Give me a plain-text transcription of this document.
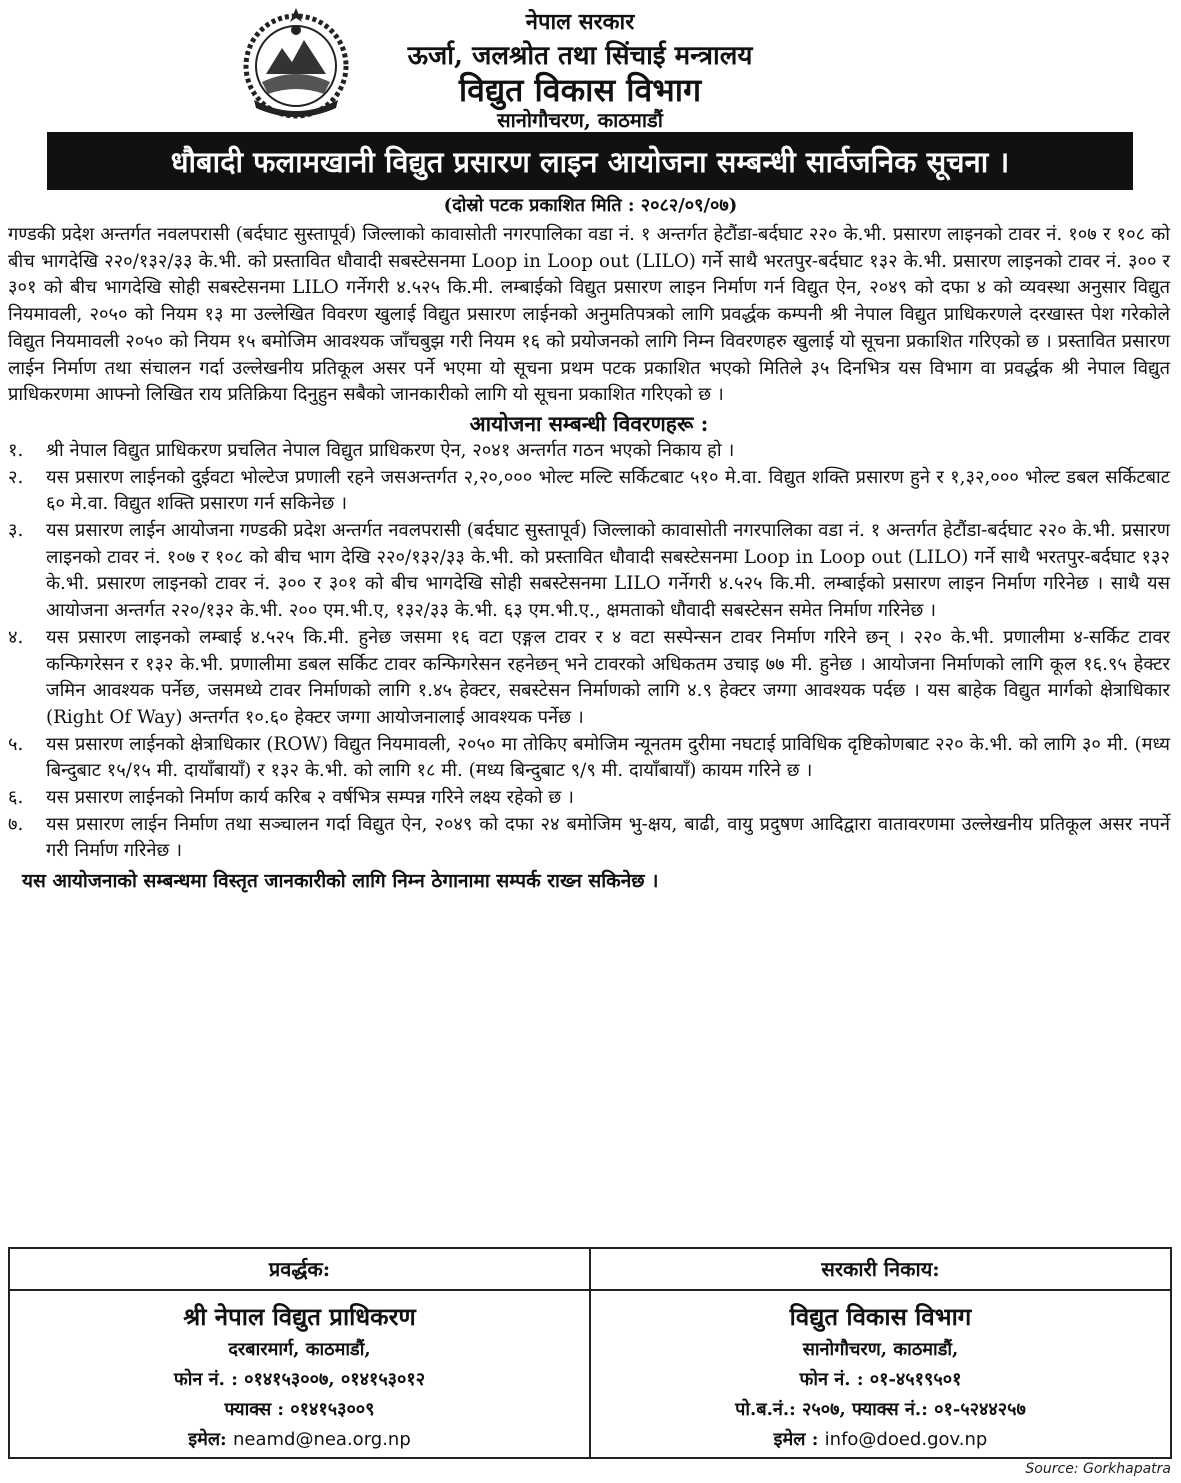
नेपाल सरकार
ऊर्जा, जलश्रोत तथा सिंचाई मन्त्रालय
विद्युत विकास विभाग
सानोगौचरण, काठमाडौं
धौबादी फलामखानी विद्युत प्रसारण लाइन आयोजना सम्बन्धी सार्वजनिक सूचना ।
(दोस्रो पटक प्रकाशित मिति : २०८२/०९/०७)

गण्डकी प्रदेश अन्तर्गत नवलपरासी (बर्दघाट सुस्तापूर्व) जिल्लाको कावासोती नगरपालिका वडा नं. १ अन्तर्गत हेटौंडा-बर्दघाट २२० के.भी. प्रसारण लाइनको टावर नं. १०७ र १०८ को बीच भागदेखि २२०/१३२/३३ के.भी. को प्रस्तावित धौवादी सबस्टेसनमा Loop in Loop out (LILO) गर्ने साथै भरतपुर-बर्दघाट १३२ के.भी. प्रसारण लाइनको टावर नं. ३०० र ३०१ को बीच भागदेखि सोही सबस्टेसनमा LILO गर्नेगरी ४.५२५ कि.मी. लम्बाईको विद्युत प्रसारण लाइन निर्माण गर्न विद्युत ऐन, २०४९ को दफा ४ को व्यवस्था अनुसार विद्युत नियमावली, २०५० को नियम १३ मा उल्लेखित विवरण खुलाई विद्युत प्रसारण लाईनको अनुमतिपत्रको लागि प्रवर्द्धक कम्पनी श्री नेपाल विद्युत प्राधिकरणले दरखास्त पेश गरेकोले विद्युत नियमावली २०५० को नियम १५ बमोजिम आवश्यक जाँचबुझ गरी नियम १६ को प्रयोजनको लागि निम्न विवरणहरु खुलाई यो सूचना प्रकाशित गरिएको छ । प्रस्तावित प्रसारण लाईन निर्माण तथा संचालन गर्दा उल्लेखनीय प्रतिकूल असर पर्ने भएमा यो सूचना प्रथम पटक प्रकाशित भएको मितिले ३५ दिनभित्र यस विभाग वा प्रवर्द्धक श्री नेपाल विद्युत प्राधिकरणमा आफ्नो लिखित राय प्रतिक्रिया दिनुहुन सबैको जानकारीको लागि यो सूचना प्रकाशित गरिएको छ ।

आयोजना सम्बन्धी विवरणहरू :
१.	श्री नेपाल विद्युत प्राधिकरण प्रचलित नेपाल विद्युत प्राधिकरण ऐन, २०४१ अन्तर्गत गठन भएको निकाय हो ।
२.	यस प्रसारण लाईनको दुईवटा भोल्टेज प्रणाली रहने जसअन्तर्गत २,२०,००० भोल्ट मल्टि सर्किटबाट ५१० मे.वा. विद्युत शक्ति प्रसारण हुने र १,३२,००० भोल्ट डबल सर्किटबाट ६० मे.वा. विद्युत शक्ति प्रसारण गर्न सकिनेछ ।
३.	यस प्रसारण लाईन आयोजना गण्डकी प्रदेश अन्तर्गत नवलपरासी (बर्दघाट सुस्तापूर्व) जिल्लाको कावासोती नगरपालिका वडा नं. १ अन्तर्गत हेटौंडा-बर्दघाट २२० के.भी. प्रसारण लाइनको टावर नं. १०७ र १०८ को बीच भाग देखि २२०/१३२/३३ के.भी. को प्रस्तावित धौवादी सबस्टेसनमा Loop in Loop out (LILO) गर्ने साथै भरतपुर-बर्दघाट १३२ के.भी. प्रसारण लाइनको टावर नं. ३०० र ३०१ को बीच भागदेखि सोही सबस्टेसनमा LILO गर्नेगरी ४.५२५ कि.मी. लम्बाईको प्रसारण लाइन निर्माण गरिनेछ । साथै यस आयोजना अन्तर्गत २२०/१३२ के.भी. २०० एम.भी.ए, १३२/३३ के.भी. ६३ एम.भी.ए., क्षमताको धौवादी सबस्टेसन समेत निर्माण गरिनेछ ।
४.	यस प्रसारण लाइनको लम्बाई ४.५२५ कि.मी. हुनेछ जसमा १६ वटा एङ्गल टावर र ४ वटा सस्पेन्सन टावर निर्माण गरिने छन् । २२० के.भी. प्रणालीमा ४-सर्किट टावर कन्फिगरेसन र १३२ के.भी. प्रणालीमा डबल सर्किट टावर कन्फिगरेसन रहनेछन् भने टावरको अधिकतम उचाइ ७७ मी. हुनेछ । आयोजना निर्माणको लागि कूल १६.९५ हेक्टर जमिन आवश्यक पर्नेछ, जसमध्ये टावर निर्माणको लागि १.४५ हेक्टर, सबस्टेसन निर्माणको लागि ४.९ हेक्टर जग्गा आवश्यक पर्दछ । यस बाहेक विद्युत मार्गको क्षेत्राधिकार (Right Of Way) अन्तर्गत १०.६० हेक्टर जग्गा आयोजनालाई आवश्यक पर्नेछ ।
५.	यस प्रसारण लाईनको क्षेत्राधिकार (ROW) विद्युत नियमावली, २०५० मा तोकिए बमोजिम न्यूनतम दुरीमा नघटाई प्राविधिक दृष्टिकोणबाट २२० के.भी. को लागि ३० मी. (मध्य बिन्दुबाट १५/१५ मी. दायाँबायाँ) र १३२ के.भी. को लागि १८ मी. (मध्य बिन्दुबाट ९/९ मी. दायाँबायाँ) कायम गरिने छ ।
६.	यस प्रसारण लाईनको निर्माण कार्य करिब २ वर्षभित्र सम्पन्न गरिने लक्ष्य रहेको छ ।
७.	यस प्रसारण लाईन निर्माण तथा सञ्चालन गर्दा विद्युत ऐन, २०४९ को दफा २४ बमोजिम भु-क्षय, बाढी, वायु प्रदुषण आदिद्वारा वातावरणमा उल्लेखनीय प्रतिकूल असर नपर्ने गरी निर्माण गरिनेछ ।
यस आयोजनाको सम्बन्धमा विस्तृत जानकारीको लागि निम्न ठेगानामा सम्पर्क राख्न सकिनेछ ।
प्रवर्द्धक:
श्री नेपाल विद्युत प्राधिकरण
दरबारमार्ग, काठमाडौं,
फोन नं. : ०१४१५३००७, ०१४१५३०१२
फ्याक्स : ०१४१५३००९
इमेल: neamd@nea.org.np
सरकारी निकाय:
विद्युत विकास विभाग
सानोगौचरण, काठमाडौं,
फोन नं. : ०१-४५१९५०१
पो.ब.नं.: २५०७, फ्याक्स नं.: ०१-५२४४२५७
इमेल : info@doed.gov.np
Source: Gorkhapatra
